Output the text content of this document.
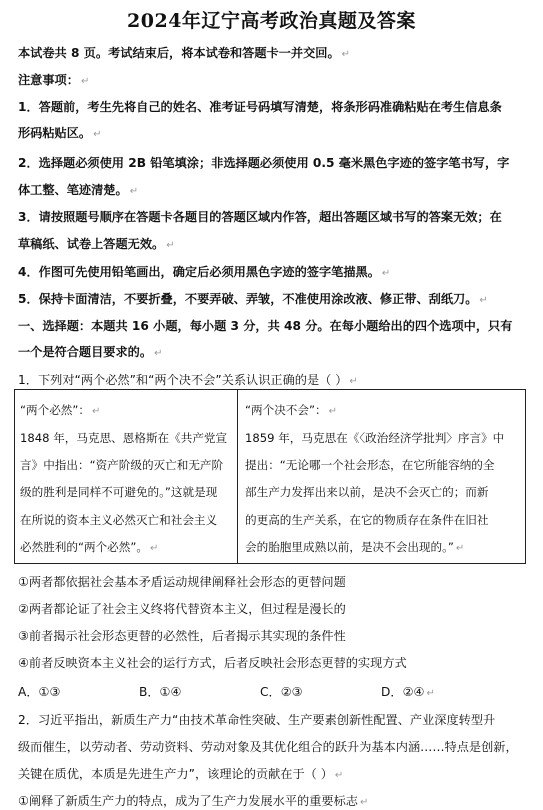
2024年辽宁高考政治真题及答案
本试卷共 8 页。考试结束后，将本试卷和答题卡一并交回。 ↵
注意事项： ↵
1．答题前，考生先将自己的姓名、准考证号码填写清楚，将条形码准确粘贴在考生信息条
形码粘贴区。 ↵
2．选择题必须使用 2B 铅笔填涂；非选择题必须使用 0.5 毫米黑色字迹的签字笔书写，字
体工整、笔迹清楚。 ↵
3．请按照题号顺序在答题卡各题目的答题区域内作答，超出答题区域书写的答案无效；在
草稿纸、试卷上答题无效。 ↵
4．作图可先使用铅笔画出，确定后必须用黑色字迹的签字笔描黑。 ↵
5．保持卡面清洁，不要折叠，不要弄破、弄皱，不准使用涂改液、修正带、刮纸刀。 ↵
一、选择题：本题共 16 小题，每小题 3 分，共 48 分。在每小题给出的四个选项中，只有
一个是符合题目要求的。 ↵
1．下列对“两个必然”和“两个决不会”关系认识正确的是（ ） ↵
“两个必然”： ↵
1848 年，马克思、恩格斯在《共产党宣
言》中指出：“资产阶级的灭亡和无产阶
级的胜利是同样不可避免的。”这就是现
在所说的资本主义必然灭亡和社会主义
必然胜利的“两个必然”。 ↵
“两个决不会”： ↵
1859 年，马克思在《〈政治经济学批判〉序言》中
提出：“无论哪一个社会形态，在它所能容纳的全
部生产力发挥出来以前，是决不会灭亡的；而新
的更高的生产关系，在它的物质存在条件在旧社
会的胎胞里成熟以前，是决不会出现的。” ↵
①两者都依据社会基本矛盾运动规律阐释社会形态的更替问题
②两者都论证了社会主义终将代替资本主义，但过程是漫长的
③前者揭示社会形态更替的必然性，后者揭示其实现的条件性
④前者反映资本主义社会的运行方式，后者反映社会形态更替的实现方式
A．①③	B．①④	C．②③	D．②④ ↵
2．习近平指出，新质生产力“由技术革命性突破、生产要素创新性配置、产业深度转型升
级而催生，以劳动者、劳动资料、劳动对象及其优化组合的跃升为基本内涵……特点是创新，
关键在质优，本质是先进生产力”，该理论的贡献在于（ ） ↵
①阐释了新质生产力的特点，成为了生产力发展水平的重要标志 ↵
